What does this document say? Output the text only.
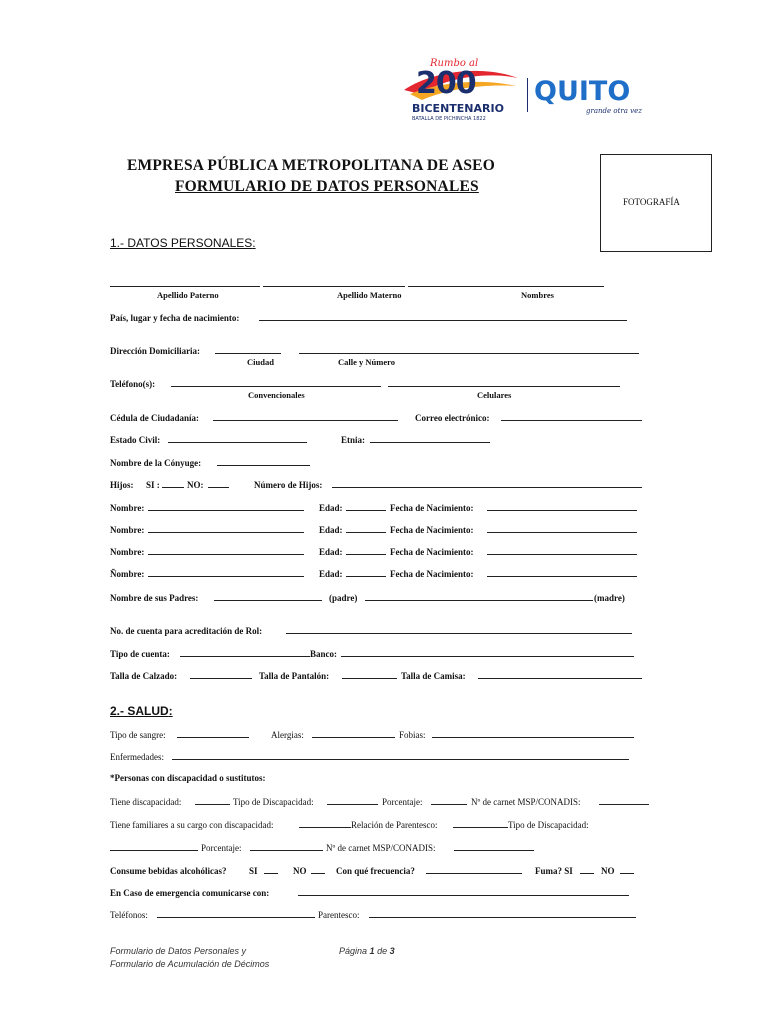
Rumbo al
200
BICENTENARIO
BATALLA DE PICHINCHA 1822
QUITO
grande otra vez
EMPRESA PÚBLICA METROPOLITANA DE ASEO
FORMULARIO DE DATOS PERSONALES
FOTOGRAFÍA
1.- DATOS PERSONALES:
Apellido Paterno	Apellido Materno	Nombres
País, lugar y fecha de nacimiento:
Dirección Domiciliaria:
Ciudad	Calle y Número
Teléfono(s):
Convencionales	Celulares
Cédula de Ciudadanía:	Correo electrónico:
Estado Civil:	Etnia:
Nombre de la Cónyuge:
Hijos: SI :	NO:	Número de Hijos:
Nombre:	Edad:	Fecha de Nacimiento:
Nombre:	Edad:	Fecha de Nacimiento:
Nombre:	Edad:	Fecha de Nacimiento:
Ñombre:	Edad:	Fecha de Nacimiento:
Nombre de sus Padres:	(padre)	(madre)
No. de cuenta para acreditación de Rol:
Tipo de cuenta:	Banco:
Talla de Calzado:	Talla de Pantalón:	Talla de Camisa:
2.- SALUD:
Tipo de sangre:	Alergias:	Fobias:
Enfermedades:
*Personas con discapacidad o sustitutos:
Tiene discapacidad:	Tipo de Discapacidad:	Porcentaje:	Nº de carnet MSP/CONADIS:
Tiene familiares a su cargo con discapacidad:	Relación de Parentesco:	Tipo de Discapacidad:
Porcentaje:	Nº de carnet MSP/CONADIS:
Consume bebidas alcohólicas? SI	NO	Con qué frecuencia?	Fuma? SI	NO
En Caso de emergencia comunicarse con:
Teléfonos:	Parentesco:
Formulario de Datos Personales y
Formulario de Acumulación de Décimos
Página 1 de 3
